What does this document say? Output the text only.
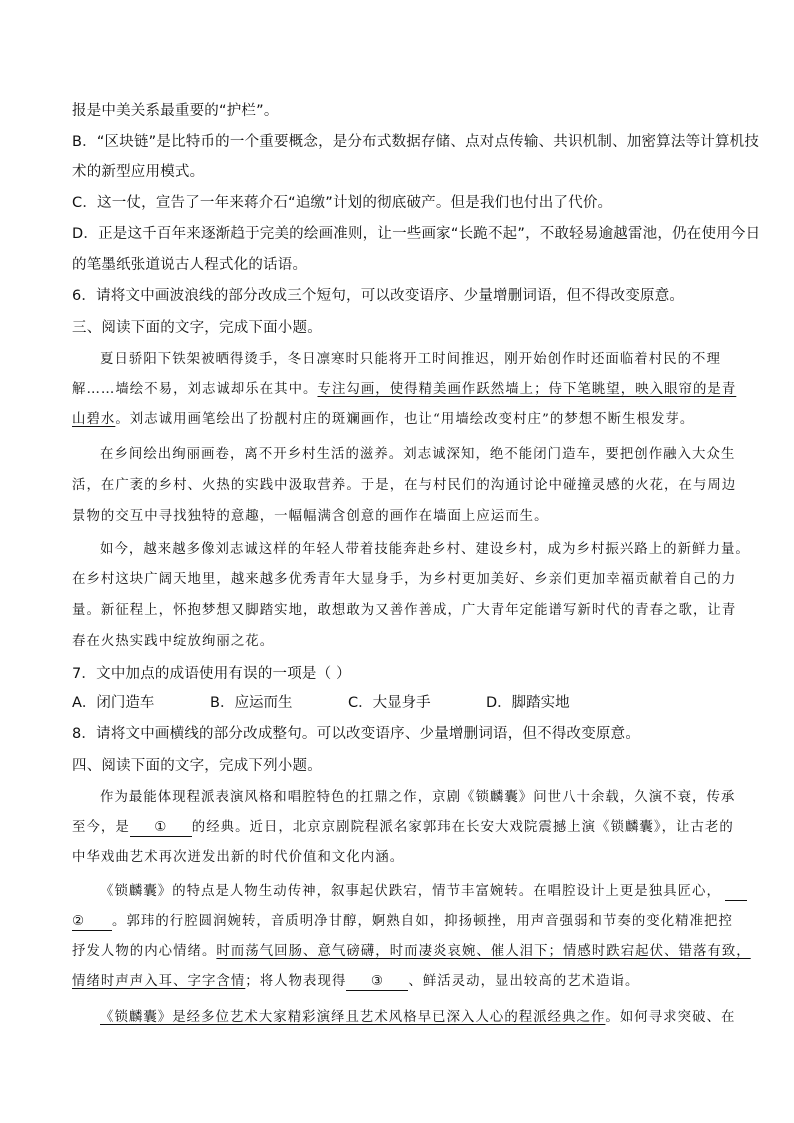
报是中美关系最重要的“护栏”。
B．“区块链”是比特币的一个重要概念，是分布式数据存储、点对点传输、共识机制、加密算法等计算机技
术的新型应用模式。
C．这一仗，宣告了一年来蒋介石“追缴”计划的彻底破产。但是我们也付出了代价。
D．正是这千百年来逐渐趋于完美的绘画准则，让一些画家“长跪不起”，不敢轻易逾越雷池，仍在使用今日
的笔墨纸张道说古人程式化的话语。
6．请将文中画波浪线的部分改成三个短句，可以改变语序、少量增删词语，但不得改变原意。
三、阅读下面的文字，完成下面小题。
夏日骄阳下铁架被晒得烫手，冬日凛寒时只能将开工时间推迟，刚开始创作时还面临着村民的不理
解……墙绘不易，刘志诚却乐在其中。专注勾画，使得精美画作跃然墙上；侍下笔眺望，映入眼帘的是青
山碧水。刘志诚用画笔绘出了扮靓村庄的斑斓画作，也让“用墙绘改变村庄”的梦想不断生根发芽。
在乡间绘出绚丽画卷，离不开乡村生活的滋养。刘志诚深知，绝不能闭门造车，要把创作融入大众生
活，在广袤的乡村、火热的实践中汲取营养。于是，在与村民们的沟通讨论中碰撞灵感的火花，在与周边
景物的交互中寻找独特的意趣，一幅幅满含创意的画作在墙面上应运而生。
如今，越来越多像刘志诚这样的年轻人带着技能奔赴乡村、建设乡村，成为乡村振兴路上的新鲜力量。
在乡村这块广阔天地里，越来越多优秀青年大显身手，为乡村更加美好、乡亲们更加幸福贡献着自己的力
量。新征程上，怀抱梦想又脚踏实地，敢想敢为又善作善成，广大青年定能谱写新时代的青春之歌，让青
春在火热实践中绽放绚丽之花。
7．文中加点的成语使用有误的一项是（ ）
A．闭门造车	B．应运而生	C．大显身手	D．脚踏实地
8．请将文中画横线的部分改成整句。可以改变语序、少量增删词语，但不得改变原意。
四、阅读下面的文字，完成下列小题。
作为最能体现程派表演风格和唱腔特色的扛鼎之作，京剧《锁麟囊》问世八十余载，久演不衰，传承
至今，是 ① 的经典。近日，北京京剧院程派名家郭玮在长安大戏院震撼上演《锁麟囊》，让古老的
中华戏曲艺术再次迸发出新的时代价值和文化内涵。
《锁麟囊》的特点是人物生动传神，叙事起伏跌宕，情节丰富婉转。在唱腔设计上更是独具匠心，
② 。郭玮的行腔圆润婉转，音质明净甘醇，婀熟自如，抑扬顿挫，用声音强弱和节奏的变化精准把控
抒发人物的内心情绪。时而荡气回肠、意气磅礴，时而凄炎哀婉、催人泪下；情感时跌宕起伏、错落有致，
情绪时声声入耳、字字含情；将人物表现得 ③ 、鲜活灵动，显出较高的艺术造诣。
《锁麟囊》是经多位艺术大家精彩演绎且艺术风格早已深入人心的程派经典之作。如何寻求突破、在
